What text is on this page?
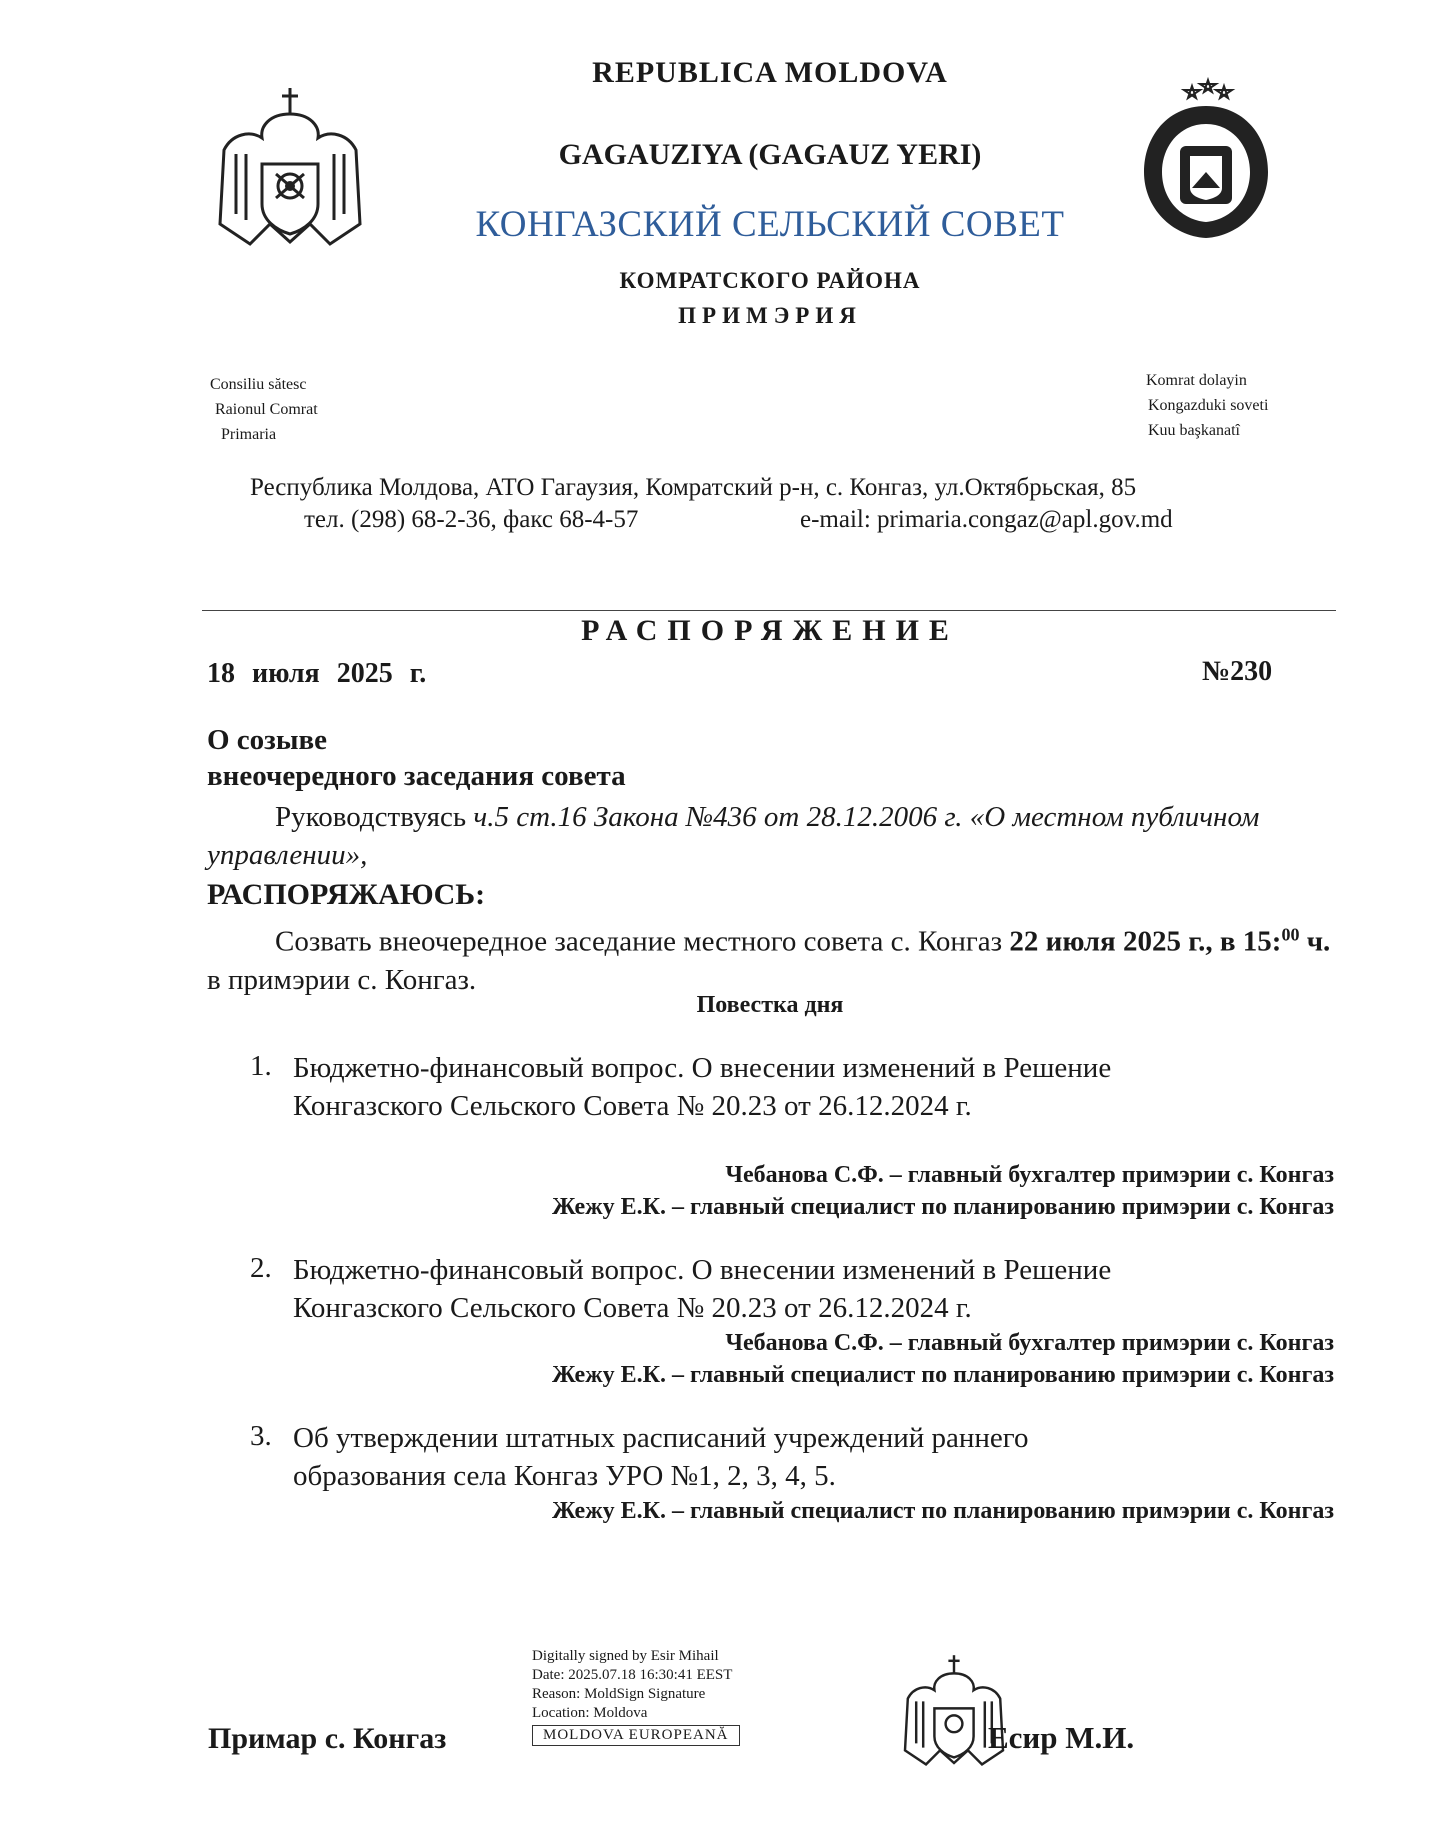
REPUBLICA MOLDOVA
GAGAUZIYA (GAGAUZ YERI)
КОНГАЗСКИЙ СЕЛЬСКИЙ СОВЕТ
КОМРАТСКОГО РАЙОНА
ПРИМЭРИЯ
Consiliu sătesc
Raionul Comrat
Primaria
Komrat dolayin
Kongazduki soveti
Kuu başkanatî
Республика Молдова, АТО Гагаузия, Комратский р-н, с. Конгаз, ул.Октябрьская, 85
тел. (298) 68-2-36, факс 68-4-57	e-mail: primaria.congaz@apl.gov.md
РАСПОРЯЖЕНИЕ
18 июля 2025 г.	№230
О созыве
внеочередного заседания совета
Руководствуясь ч.5 ст.16 Закона №436 от 28.12.2006 г. «О местном публичном управлении»,
РАСПОРЯЖАЮСЬ:
Созвать внеочередное заседание местного совета с. Конгаз 22 июля 2025 г., в 15:$^{00}$ ч. в примэрии с. Конгаз.
Повестка дня
1. Бюджетно-финансовый вопрос. О внесении изменений в Решение
Конгазского Сельского Совета № 20.23 от 26.12.2024 г.
Чебанова С.Ф. – главный бухгалтер примэрии с. Конгаз
Жежу Е.К. – главный специалист по планированию примэрии с. Конгаз
2. Бюджетно-финансовый вопрос. О внесении изменений в Решение
Конгазского Сельского Совета № 20.23 от 26.12.2024 г.
Чебанова С.Ф. – главный бухгалтер примэрии с. Конгаз
Жежу Е.К. – главный специалист по планированию примэрии с. Конгаз
3. Об утверждении штатных расписаний учреждений раннего
образования села Конгаз УРО №1, 2, 3, 4, 5.
Жежу Е.К. – главный специалист по планированию примэрии с. Конгаз
Примар с. Конгаз
Digitally signed by Esir Mihail
Date: 2025.07.18 16:30:41 EEST
Reason: MoldSign Signature
Location: Moldova
MOLDOVA EUROPEANĂ	Есир М.И.
